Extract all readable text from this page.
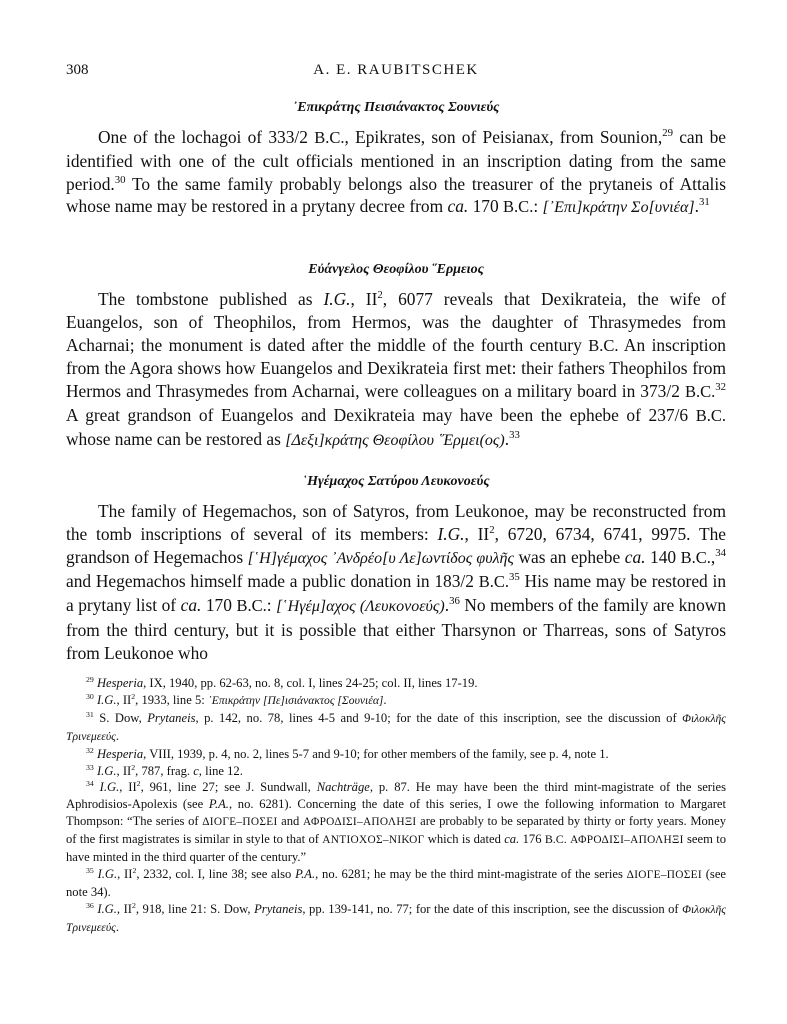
308	A. E. RAUBITSCHEK
᾿Επικράτης Πεισιάνακτος Σουνιεύς

One of the lochagoi of 333/2 B.C., Epikrates, son of Peisianax, from Sounion,$^{29}$ can be identified with one of the cult officials mentioned in an inscription dating from the same period.$^{30}$ To the same family probably belongs also the treasurer of the prytaneis of Attalis whose name may be restored in a prytany decree from ca. 170 B.C.: [᾿Επι]κράτην Σο[υνιέα].$^{31}$

Εὐάνγελος Θεοφίλου ῞Ερμειος

The tombstone published as I.G., $II^2$, 6077 reveals that Dexikrateia, the wife of Euangelos, son of Theophilos, from Hermos, was the daughter of Thrasymedes from Acharnai; the monument is dated after the middle of the fourth century B.C. An inscription from the Agora shows how Euangelos and Dexikrateia first met: their fathers Theophilos from Hermos and Thrasymedes from Acharnai, were colleagues on a military board in 373/2 B.C.$^{32}$ A great grandson of Euangelos and Dexikrateia may have been the ephebe of 237/6 B.C. whose name can be restored as [Δεξι]κράτης Θεοφίλου ῞Ερμει(ος).$^{33}$

῾Ηγέμαχος Σατύρου Λευκονοεύς

The family of Hegemachos, son of Satyros, from Leukonoe, may be reconstructed from the tomb inscriptions of several of its members: I.G., $II^2$, 6720, 6734, 6741, 9975. The grandson of Hegemachos [῾Η]γέμαχος ᾿Ανδρέο[υ Λε]ωντίδος φυλῆς was an ephebe ca. 140 B.C.,$^{34}$ and Hegemachos himself made a public donation in 183/2 B.C.$^{35}$ His name may be restored in a prytany list of ca. 170 B.C.: [῾Ηγέμ]αχος (Λευκονοεύς).$^{36}$ No members of the family are known from the third century, but it is possible that either Tharsynon or Tharreas, sons of Satyros from Leukonoe who

$^{29}$ Hesperia, IX, 1940, pp. 62-63, no. 8, col. I, lines 24-25; col. II, lines 17-19.

$^{30}$ I.G., $II^2$, 1933, line 5: ᾿Επικράτην [Πε]ισιάνακτος [Σουνιέα].

$^{31}$ S. Dow, Prytaneis, p. 142, no. 78, lines 4-5 and 9-10; for the date of this inscription, see the discussion of Φιλοκλῆς Τρινεμεεύς.

$^{32}$ Hesperia, VIII, 1939, p. 4, no. 2, lines 5-7 and 9-10; for other members of the family, see p. 4, note 1.

$^{33}$ I.G., $II^2$, 787, frag. c, line 12.

$^{34}$ I.G., $II^2$, 961, line 27; see J. Sundwall, Nachträge, p. 87. He may have been the third mint-magistrate of the series Aphrodisios-Apolexis (see P.A., no. 6281). Concerning the date of this series, I owe the following information to Margaret Thompson: “The series of ΔΙΟΓΕ–ΠΟΣΕΙ and ΑΦΡΟΔΙΣΙ–ΑΠΟΛΗΞΙ are probably to be separated by thirty or forty years. Money of the first magistrates is similar in style to that of ΑΝΤΙΟΧΟΣ–ΝΙΚΟΓ which is dated ca. 176 B.C. ΑΦΡΟΔΙΣΙ–ΑΠΟΛΗΞΙ seem to have minted in the third quarter of the century.”

$^{35}$ I.G., $II^2$, 2332, col. I, line 38; see also P.A., no. 6281; he may be the third mint-magistrate of the series ΔΙΟΓΕ–ΠΟΣΕΙ (see note 34).

$^{36}$ I.G., $II^2$, 918, line 21: S. Dow, Prytaneis, pp. 139-141, no. 77; for the date of this inscription, see the discussion of Φιλοκλῆς Τρινεμεεύς.
